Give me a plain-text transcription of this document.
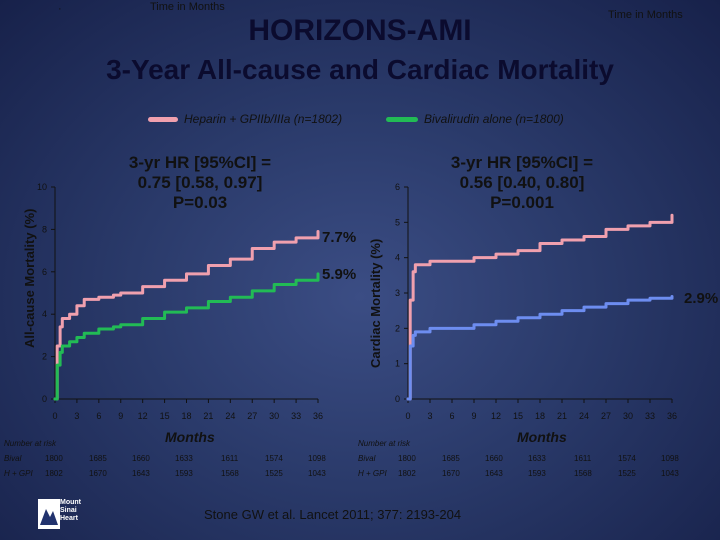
·	Time in Months
Time in Months
HORIZONS-AMI
3-Year All-cause and Cardiac Mortality
Heparin + GPIIb/IIIa (n=1802)	Bivalirudin alone (n=1800)
3-yr HR [95%CI] =
0.75 [0.58, 0.97]
P=0.03
3-yr HR [95%CI] =
0.56 [0.40, 0.80]
P=0.001
7.7%
5.9%
2.9%
All-cause Mortality (%)	Cardiac Mortality (%)
Months	Months
0
2
4
6
8
10
0 3 6 9 12 15 18 21 24 27 30 33 36
0
1
2
3
4
5
6
0 3 6 9 12 15 18 21 24 27 30 33 36
Number at risk	Number at risk
Bival	1800	1685	1660	1633	1611	1574	1098
H + GPI 1802	1670	1643	1593	1568	1525	1043
Bival	1800	1685	1660	1633	1611	1574	1098
H + GPI 1802	1670	1643	1593	1568	1525	1043
Mount
Sinai
Heart	Stone GW et al. Lancet 2011; 377: 2193-204
